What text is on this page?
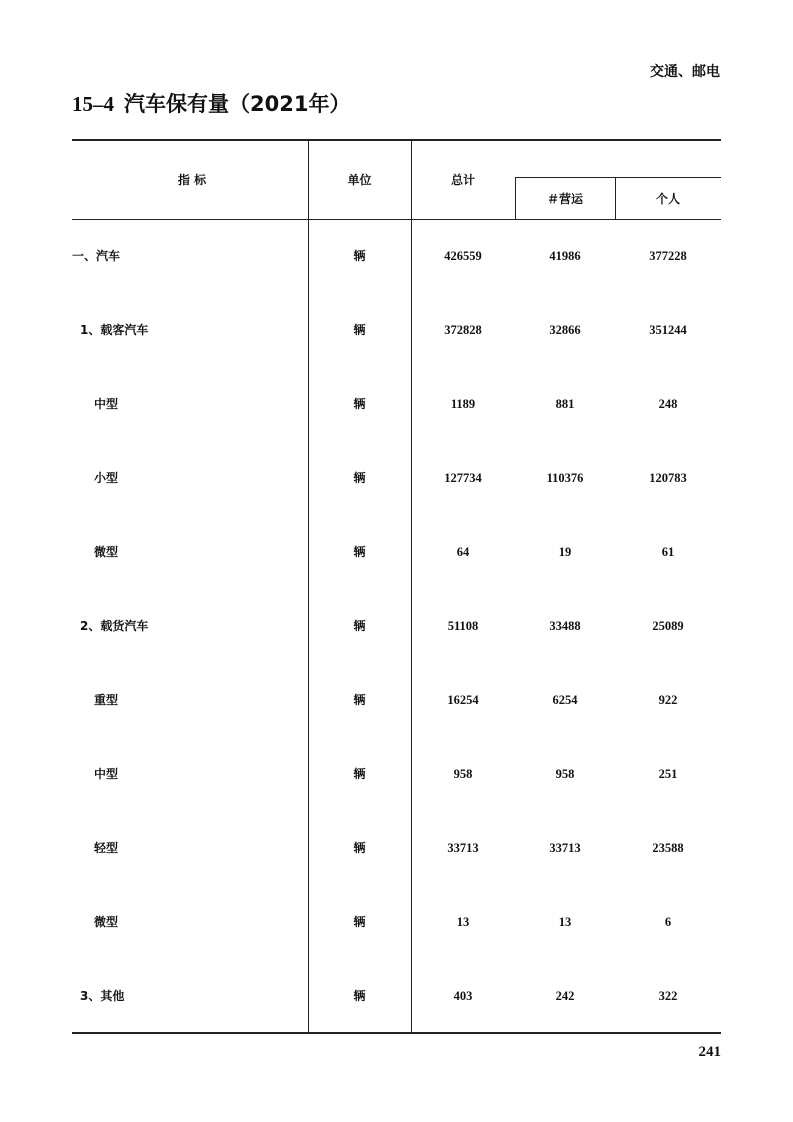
交通、邮电
15–4 汽车保有量（2021年）
指 标	单位	总计
＃营运	个人
一、汽车	辆	426559	41986	377228
1、载客汽车	辆	372828	32866	351244
中型	辆	1189	881	248
小型	辆	127734	110376	120783
微型	辆	64	19	61
2、载货汽车	辆	51108	33488	25089
重型	辆	16254	6254	922
中型	辆	958	958	251
轻型	辆	33713	33713	23588
微型	辆	13	13	6
3、其他	辆	403	242	322
241
